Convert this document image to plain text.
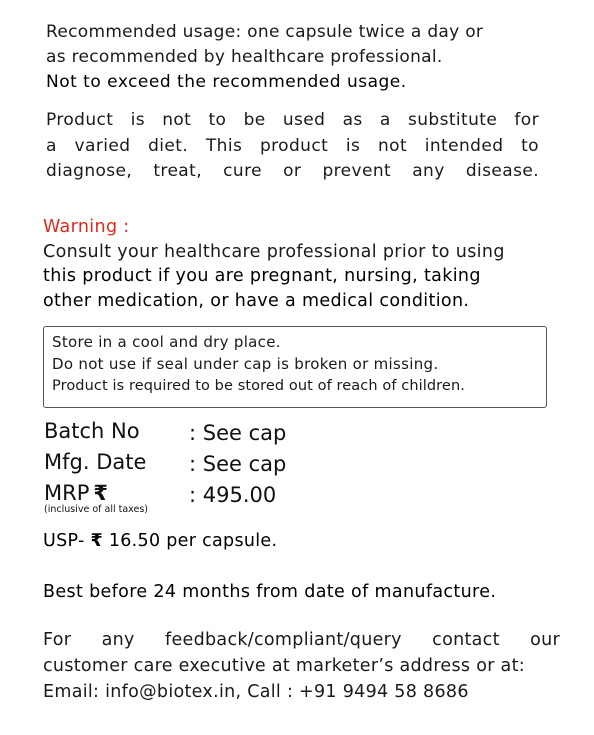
Recommended usage: one capsule twice a day or
as recommended by healthcare professional.
Not to exceed the recommended usage.
Product is not to be used as a substitute for
a varied diet. This product is not intended to
diagnose, treat, cure or prevent any disease.
Warning :
Consult your healthcare professional prior to using
this product if you are pregnant, nursing, taking
other medication, or have a medical condition.
Store in a cool and dry place.
Do not use if seal under cap is broken or missing.
Product is required to be stored out of reach of children.
Batch No : See cap
Mfg. Date : See cap
MRP ₹	: 495.00
(inclusive of all taxes)
USP- ₹ 16.50 per capsule.
Best before 24 months from date of manufacture.
For any feedback/compliant/query contact our
customer care executive at marketer’s address or at:
Email: info@biotex.in, Call : +91 9494 58 8686
